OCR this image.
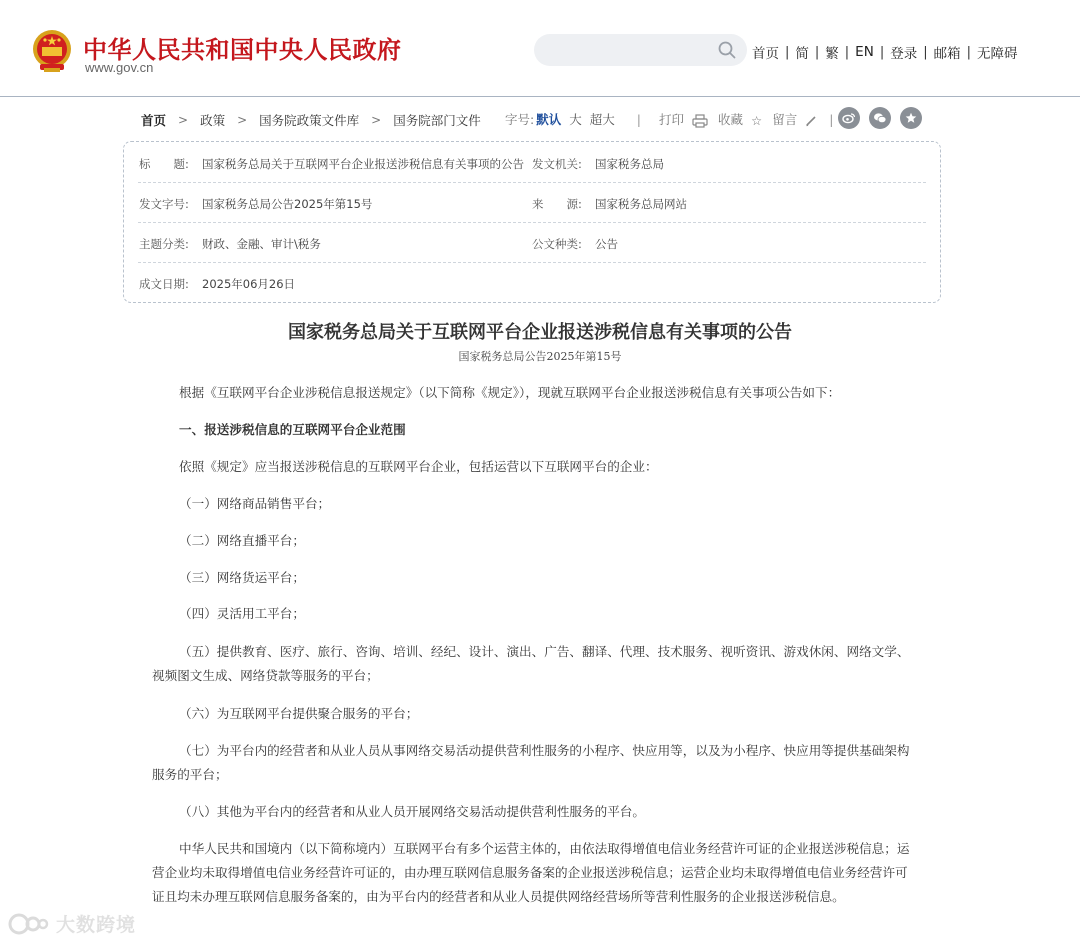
中华人民共和国中央人民政府
www.gov.cn
首页 | 简 | 繁 | EN | 登录 | 邮箱 | 无障碍
首页 > 政策 > 国务院政策文件库 > 国务院部门文件 字号: 默认 大 超大 | 打印	收藏 ☆ 留言	|
标　　题: 国家税务总局关于互联网平台企业报送涉税信息有关事项的公告 发文机关: 国家税务总局
发文字号: 国家税务总局公告2025年第15号	来　　源: 国家税务总局网站
主题分类: 财政、金融、审计\税务	公文种类: 公告
成文日期: 2025年06月26日
国家税务总局关于互联网平台企业报送涉税信息有关事项的公告
国家税务总局公告2025年第15号
根据《互联网平台企业涉税信息报送规定》（以下简称《规定》），现就互联网平台企业报送涉税信息有关事项公告如下：
一、报送涉税信息的互联网平台企业范围
依照《规定》应当报送涉税信息的互联网平台企业，包括运营以下互联网平台的企业：
（一）网络商品销售平台；
（二）网络直播平台；
（三）网络货运平台；
（四）灵活用工平台；
（五）提供教育、医疗、旅行、咨询、培训、经纪、设计、演出、广告、翻译、代理、技术服务、视听资讯、游戏休闲、网络文学、视频图文生成、网络贷款等服务的平台；
（六）为互联网平台提供聚合服务的平台；
（七）为平台内的经营者和从业人员从事网络交易活动提供营利性服务的小程序、快应用等，以及为小程序、快应用等提供基础架构服务的平台；
（八）其他为平台内的经营者和从业人员开展网络交易活动提供营利性服务的平台。
中华人民共和国境内（以下简称境内）互联网平台有多个运营主体的，由依法取得增值电信业务经营许可证的企业报送涉税信息；运营企业均未取得增值电信业务经营许可证的，由办理互联网信息服务备案的企业报送涉税信息；运营企业均未取得增值电信业务经营许可证且均未办理互联网信息服务备案的，由为平台内的经营者和从业人员提供网络经营场所等营利性服务的企业报送涉税信息。
大数跨境
